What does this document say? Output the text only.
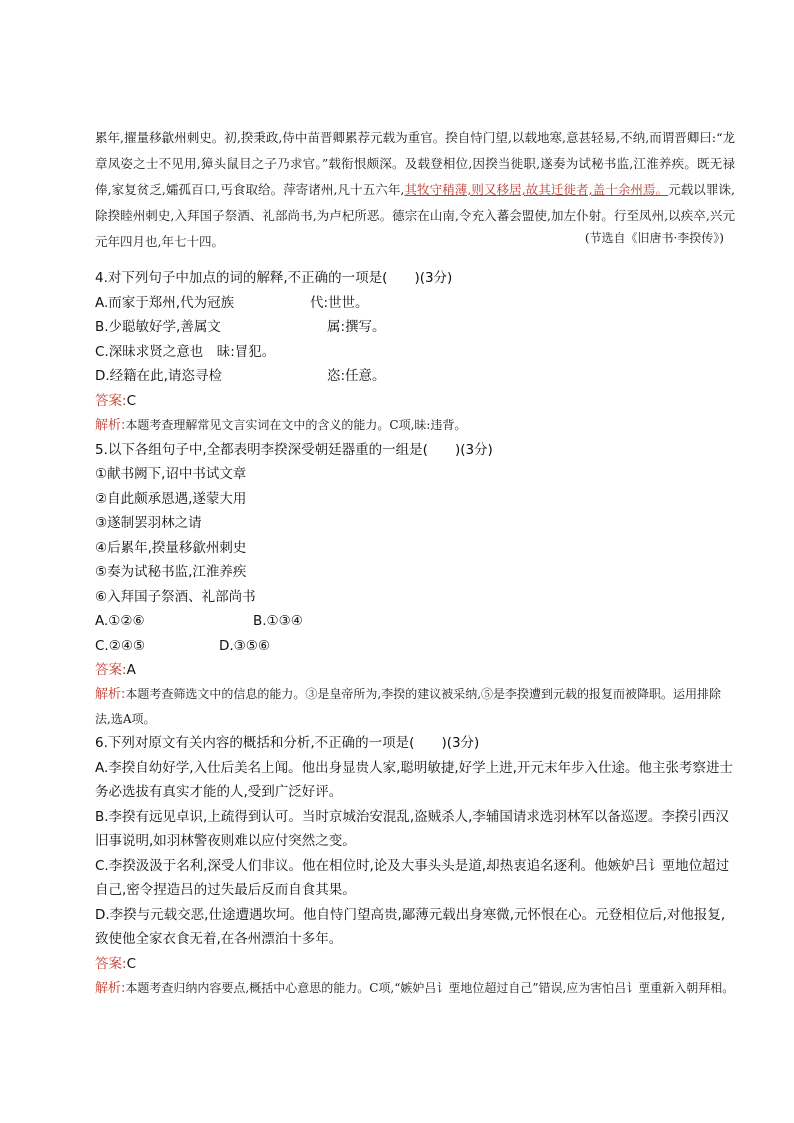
累年,擢量移歙州刺史。初,揆秉政,侍中苗晋卿累荐元载为重官。揆自恃门望,以载地寒,意甚轻易,不纳,而谓晋卿曰:“龙章凤姿之士不见用,獐头鼠目之子乃求官。”载衔恨颇深。及载登相位,因揆当徙职,遂奏为试秘书监,江淮养疾。既无禄俸,家复贫乏,孀孤百口,丐食取给。萍寄诸州,凡十五六年,其牧守稍薄,则又移居,故其迁徙者,盖十余州焉。元载以罪诛,除揆睦州刺史,入拜国子祭酒、礼部尚书,为卢杞所恶。德宗在山南,令充入蕃会盟使,加左仆射。行至凤州,以疾卒,兴元元年四月也,年七十四。	(节选自《旧唐书·李揆传》)
4.对下列句子中加点的词的解释,不正确的一项是(　　)(3分)
A.而家于郑州,代为冠族	代:世世。
B.少聪敏好学,善属文	属:撰写。
C.深昧求贤之意也　昧:冒犯。
D.经籍在此,请恣寻检	恣:任意。
答案:C
解析:本题考查理解常见文言实词在文中的含义的能力。C项,昧:违背。
5.以下各组句子中,全都表明李揆深受朝廷器重的一组是(　　)(3分)
①献书阙下,诏中书试文章
②自此颇承恩遇,遂蒙大用
③遂制罢羽林之请
④后累年,揆量移歙州刺史
⑤奏为试秘书监,江淮养疾
⑥入拜国子祭酒、礼部尚书
A.①②⑥	B.①③④
C.②④⑤	D.③⑤⑥
答案:A
解析:本题考查筛选文中的信息的能力。③是皇帝所为,李揆的建议被采纳,⑤是李揆遭到元载的报复而被降职。运用排除法,选A项。
6.下列对原文有关内容的概括和分析,不正确的一项是(　　)(3分)
A.李揆自幼好学,入仕后美名上闻。他出身显贵人家,聪明敏捷,好学上进,开元末年步入仕途。他主张考察进士务必选拔有真实才能的人,受到广泛好评。
B.李揆有远见卓识,上疏得到认可。当时京城治安混乱,盗贼杀人,李辅国请求选羽林军以备巡逻。李揆引西汉旧事说明,如羽林警夜则难以应付突然之变。
C.李揆汲汲于名利,深受人们非议。他在相位时,论及大事头头是道,却热衷追名逐利。他嫉妒吕讠垔地位超过自己,密令捏造吕的过失最后反而自食其果。
D.李揆与元载交恶,仕途遭遇坎坷。他自恃门望高贵,鄙薄元载出身寒微,元怀恨在心。元登相位后,对他报复,致使他全家衣食无着,在各州漂泊十多年。
答案:C
解析:本题考查归纳内容要点,概括中心意思的能力。C项,“嫉妒吕讠垔地位超过自己”错误,应为害怕吕讠垔重新入朝拜相。
